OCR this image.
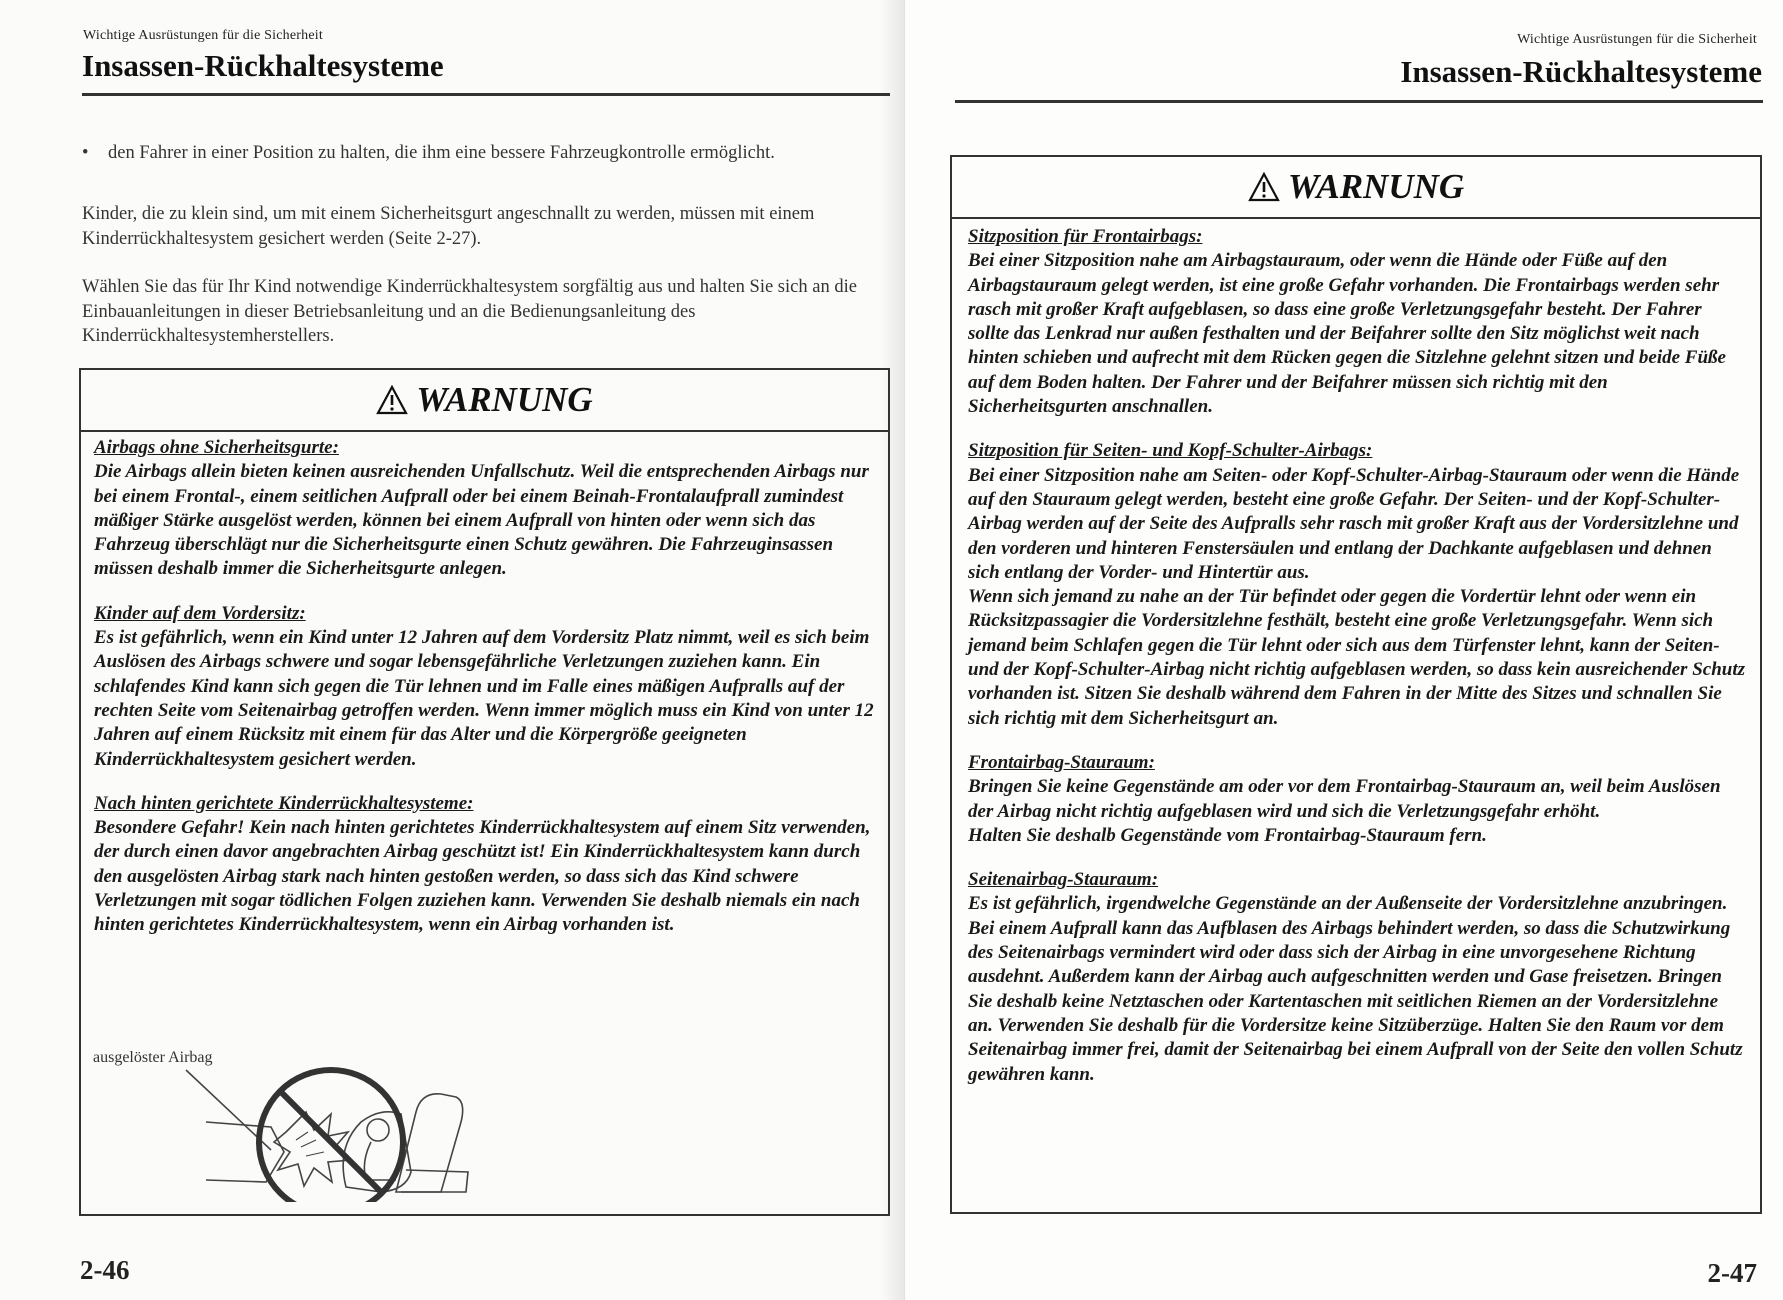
Wichtige Ausrüstungen für die Sicherheit
Insassen-Rückhaltesysteme
• den Fahrer in einer Position zu halten, die ihm eine bessere Fahrzeugkontrolle ermöglicht.
Kinder, die zu klein sind, um mit einem Sicherheitsgurt angeschnallt zu werden, müssen mit einem Kinderrückhaltesystem gesichert werden (Seite 2-27).
Wählen Sie das für Ihr Kind notwendige Kinderrückhaltesystem sorgfältig aus und halten Sie sich an die Einbauanleitungen in dieser Betriebsanleitung und an die Bedienungsanleitung des Kinderrückhaltesystemherstellers.
WARNUNG
Airbags ohne Sicherheitsgurte:
Die Airbags allein bieten keinen ausreichenden Unfallschutz. Weil die entsprechenden Airbags nur bei einem Frontal-, einem seitlichen Aufprall oder bei einem Beinah-Frontalaufprall zumindest mäßiger Stärke ausgelöst werden, können bei einem Aufprall von hinten oder wenn sich das Fahrzeug überschlägt nur die Sicherheitsgurte einen Schutz gewähren. Die Fahrzeuginsassen müssen deshalb immer die Sicherheitsgurte anlegen.
Kinder auf dem Vordersitz:
Es ist gefährlich, wenn ein Kind unter 12 Jahren auf dem Vordersitz Platz nimmt, weil es sich beim Auslösen des Airbags schwere und sogar lebensgefährliche Verletzungen zuziehen kann. Ein schlafendes Kind kann sich gegen die Tür lehnen und im Falle eines mäßigen Aufpralls auf der rechten Seite vom Seitenairbag getroffen werden. Wenn immer möglich muss ein Kind von unter 12 Jahren auf einem Rücksitz mit einem für das Alter und die Körpergröße geeigneten Kinderrückhaltesystem gesichert werden.
Nach hinten gerichtete Kinderrückhaltesysteme:
Besondere Gefahr! Kein nach hinten gerichtetes Kinderrückhaltesystem auf einem Sitz verwenden, der durch einen davor angebrachten Airbag geschützt ist! Ein Kinderrückhaltesystem kann durch den ausgelösten Airbag stark nach hinten gestoßen werden, so dass sich das Kind schwere Verletzungen mit sogar tödlichen Folgen zuziehen kann. Verwenden Sie deshalb niemals ein nach hinten gerichtetes Kinderrückhaltesystem, wenn ein Airbag vorhanden ist.
ausgelöster Airbag
2-46
Wichtige Ausrüstungen für die Sicherheit
Insassen-Rückhaltesysteme
WARNUNG
Sitzposition für Frontairbags:
Bei einer Sitzposition nahe am Airbagstauraum, oder wenn die Hände oder Füße auf den Airbagstauraum gelegt werden, ist eine große Gefahr vorhanden. Die Frontairbags werden sehr rasch mit großer Kraft aufgeblasen, so dass eine große Verletzungsgefahr besteht. Der Fahrer sollte das Lenkrad nur außen festhalten und der Beifahrer sollte den Sitz möglichst weit nach hinten schieben und aufrecht mit dem Rücken gegen die Sitzlehne gelehnt sitzen und beide Füße auf dem Boden halten. Der Fahrer und der Beifahrer müssen sich richtig mit den Sicherheitsgurten anschnallen.
Sitzposition für Seiten- und Kopf-Schulter-Airbags:
Bei einer Sitzposition nahe am Seiten- oder Kopf-Schulter-Airbag-Stauraum oder wenn die Hände auf den Stauraum gelegt werden, besteht eine große Gefahr. Der Seiten- und der Kopf-Schulter-Airbag werden auf der Seite des Aufpralls sehr rasch mit großer Kraft aus der Vordersitzlehne und den vorderen und hinteren Fenstersäulen und entlang der Dachkante aufgeblasen und dehnen sich entlang der Vorder- und Hintertür aus.
Wenn sich jemand zu nahe an der Tür befindet oder gegen die Vordertür lehnt oder wenn ein Rücksitzpassagier die Vordersitzlehne festhält, besteht eine große Verletzungsgefahr. Wenn sich jemand beim Schlafen gegen die Tür lehnt oder sich aus dem Türfenster lehnt, kann der Seiten- und der Kopf-Schulter-Airbag nicht richtig aufgeblasen werden, so dass kein ausreichender Schutz vorhanden ist. Sitzen Sie deshalb während dem Fahren in der Mitte des Sitzes und schnallen Sie sich richtig mit dem Sicherheitsgurt an.
Frontairbag-Stauraum:
Bringen Sie keine Gegenstände am oder vor dem Frontairbag-Stauraum an, weil beim Auslösen der Airbag nicht richtig aufgeblasen wird und sich die Verletzungsgefahr erhöht.
Halten Sie deshalb Gegenstände vom Frontairbag-Stauraum fern.
Seitenairbag-Stauraum:
Es ist gefährlich, irgendwelche Gegenstände an der Außenseite der Vordersitzlehne anzubringen. Bei einem Aufprall kann das Aufblasen des Airbags behindert werden, so dass die Schutzwirkung des Seitenairbags vermindert wird oder dass sich der Airbag in eine unvorgesehene Richtung ausdehnt. Außerdem kann der Airbag auch aufgeschnitten werden und Gase freisetzen. Bringen Sie deshalb keine Netztaschen oder Kartentaschen mit seitlichen Riemen an der Vordersitzlehne an. Verwenden Sie deshalb für die Vordersitze keine Sitzüberzüge. Halten Sie den Raum vor dem Seitenairbag immer frei, damit der Seitenairbag bei einem Aufprall von der Seite den vollen Schutz gewähren kann.
2-47
